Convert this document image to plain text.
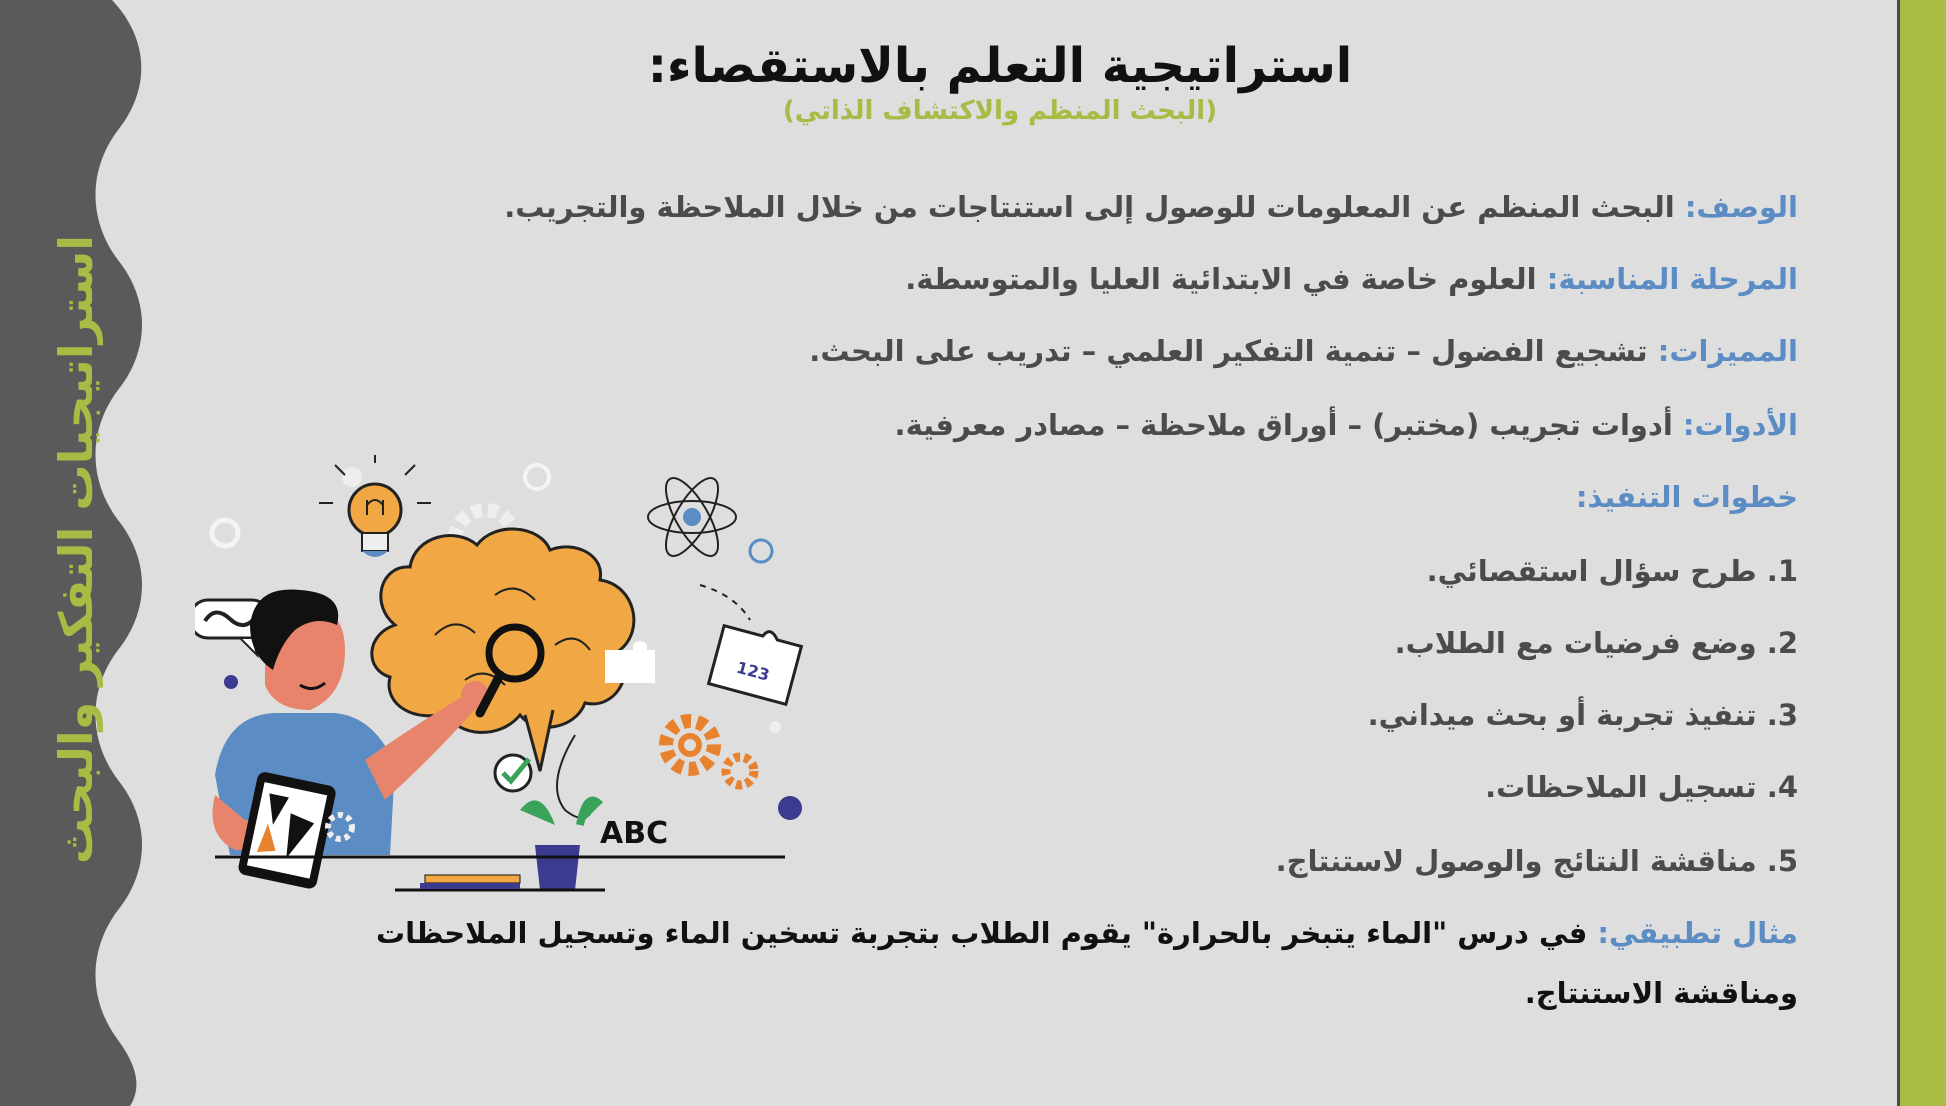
استراتيجيات التفكير والبحث
استراتيجية التعلم بالاستقصاء:
(البحث المنظم والاكتشاف الذاتي)
الوصف: البحث المنظم عن المعلومات للوصول إلى استنتاجات من خلال الملاحظة والتجريب.
المرحلة المناسبة: العلوم خاصة في الابتدائية العليا والمتوسطة.
المميزات: تشجيع الفضول – تنمية التفكير العلمي – تدريب على البحث.
الأدوات: أدوات تجريب (مختبر) – أوراق ملاحظة – مصادر معرفية.
خطوات التنفيذ:
1. طرح سؤال استقصائي.
2. وضع فرضيات مع الطلاب.
3. تنفيذ تجربة أو بحث ميداني.
4. تسجيل الملاحظات.
5. مناقشة النتائج والوصول لاستنتاج.
مثال تطبيقي: في درس "الماء يتبخر بالحرارة" يقوم الطلاب بتجربة تسخين الماء وتسجيل الملاحظات
ومناقشة الاستنتاج.
123
ABC
